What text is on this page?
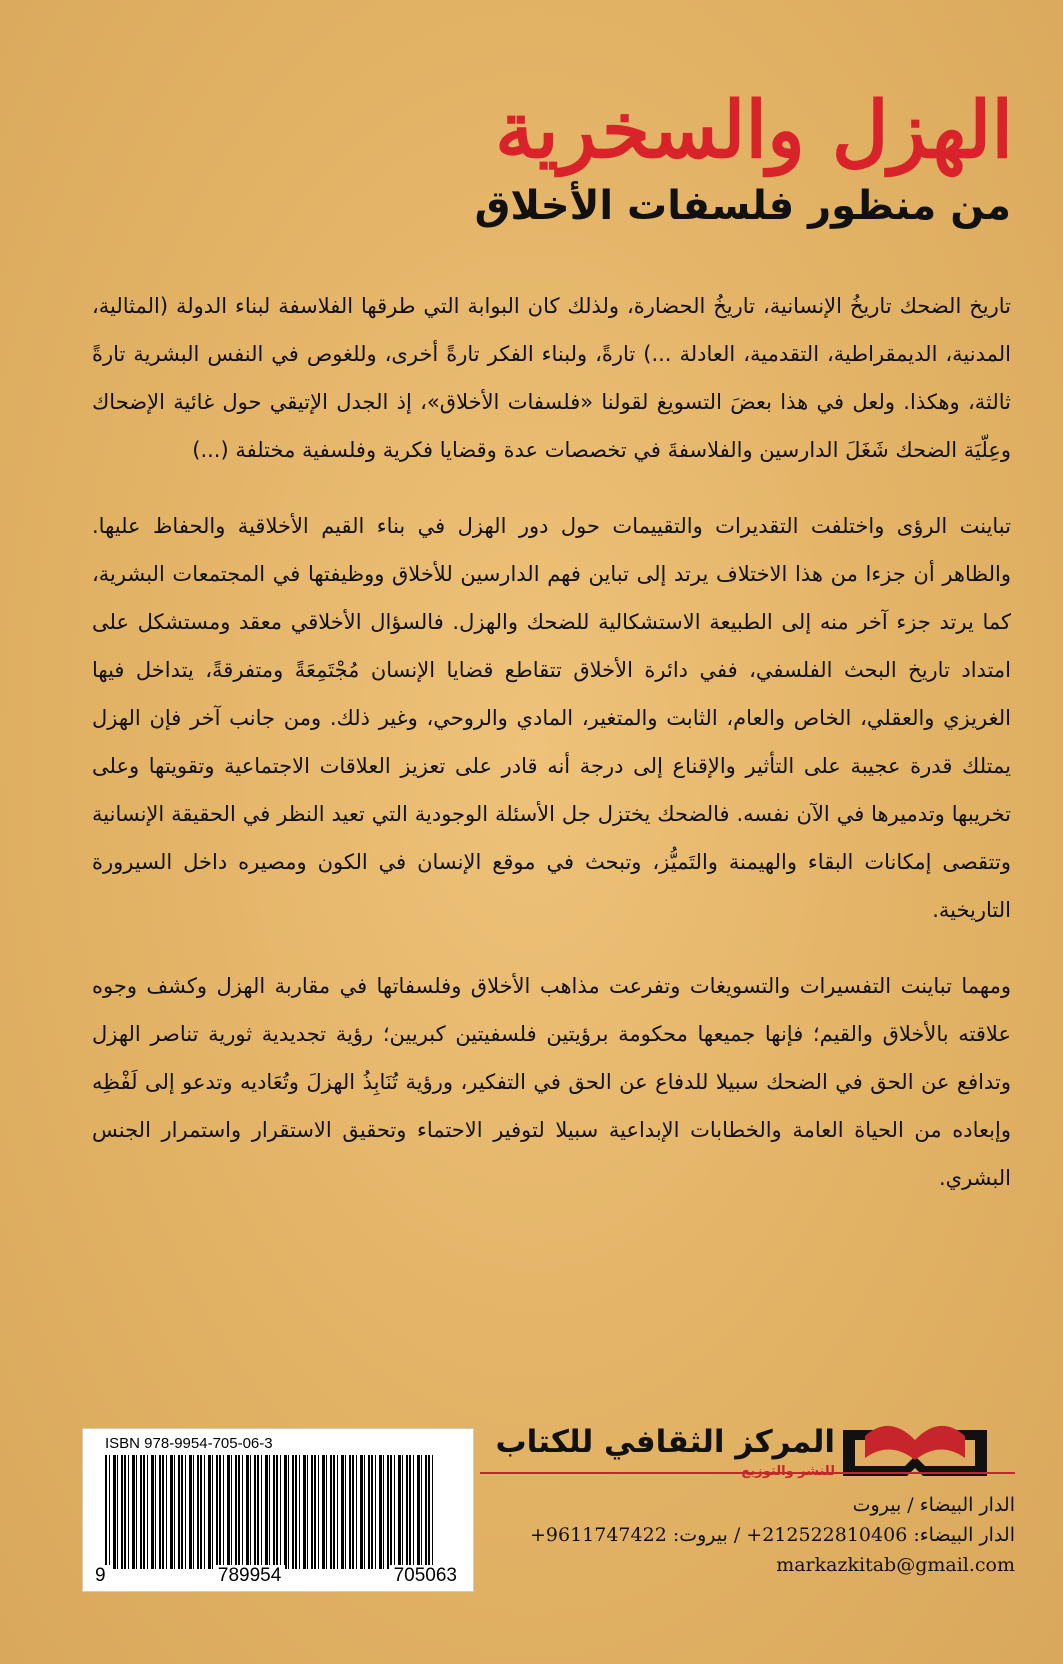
الهزل والسخرية
من منظور فلسفات الأخلاق

تاريخ الضحك تاريخُ الإنسانية، تاريخُ الحضارة، ولذلك كان البوابة التي طرقها الفلاسفة لبناء الدولة (المثالية، المدنية، الديمقراطية، التقدمية، العادلة ...) تارةً، ولبناء الفكر تارةً أخرى، وللغوص في النفس البشرية تارةً ثالثة، وهكذا. ولعل في هذا بعضَ التسويغ لقولنا «فلسفات الأخلاق»، إذ الجدل الإتيقي حول غائية الإضحاك وعِلّيَة الضحك شَغَلَ الدارسين والفلاسفةَ في تخصصات عدة وقضايا فكرية وفلسفية مختلفة (...)

تباينت الرؤى واختلفت التقديرات والتقييمات حول دور الهزل في بناء القيم الأخلاقية والحفاظ عليها. والظاهر أن جزءا من هذا الاختلاف يرتد إلى تباين فهم الدارسين للأخلاق ووظيفتها في المجتمعات البشرية، كما يرتد جزء آخر منه إلى الطبيعة الاستشكالية للضحك والهزل. فالسؤال الأخلاقي معقد ومستشكل على امتداد تاريخ البحث الفلسفي، ففي دائرة الأخلاق تتقاطع قضايا الإنسان مُجْتَمِعَةً ومتفرقةً، يتداخل فيها الغريزي والعقلي، الخاص والعام، الثابت والمتغير، المادي والروحي، وغير ذلك. ومن جانب آخر فإن الهزل يمتلك قدرة عجيبة على التأثير والإقناع إلى درجة أنه قادر على تعزيز العلاقات الاجتماعية وتقويتها وعلى تخريبها وتدميرها في الآن نفسه. فالضحك يختزل جل الأسئلة الوجودية التي تعيد النظر في الحقيقة الإنسانية وتتقصى إمكانات البقاء والهيمنة والتَميُّز، وتبحث في موقع الإنسان في الكون ومصيره داخل السيرورة التاريخية.

ومهما تباينت التفسيرات والتسويغات وتفرعت مذاهب الأخلاق وفلسفاتها في مقاربة الهزل وكشف وجوه علاقته بالأخلاق والقيم؛ فإنها جميعها محكومة برؤيتين فلسفيتين كبريين؛ رؤية تجديدية ثورية تناصر الهزل وتدافع عن الحق في الضحك سبيلا للدفاع عن الحق في التفكير، ورؤية تُنَابِذُ الهزلَ وتُعَاديه وتدعو إلى لَفْظِه وإبعاده من الحياة العامة والخطابات الإبداعية سبيلا لتوفير الاحتماء وتحقيق الاستقرار واستمرار الجنس البشري.

ISBN 978-9954-705-06-3
9	789954	705063
المركز الثقافي للكتاب
الدار البيضاء / بيروت
الدار البيضاء: 212522810406+ / بيروت: 9611747422+
markazkitab@gmail.com
